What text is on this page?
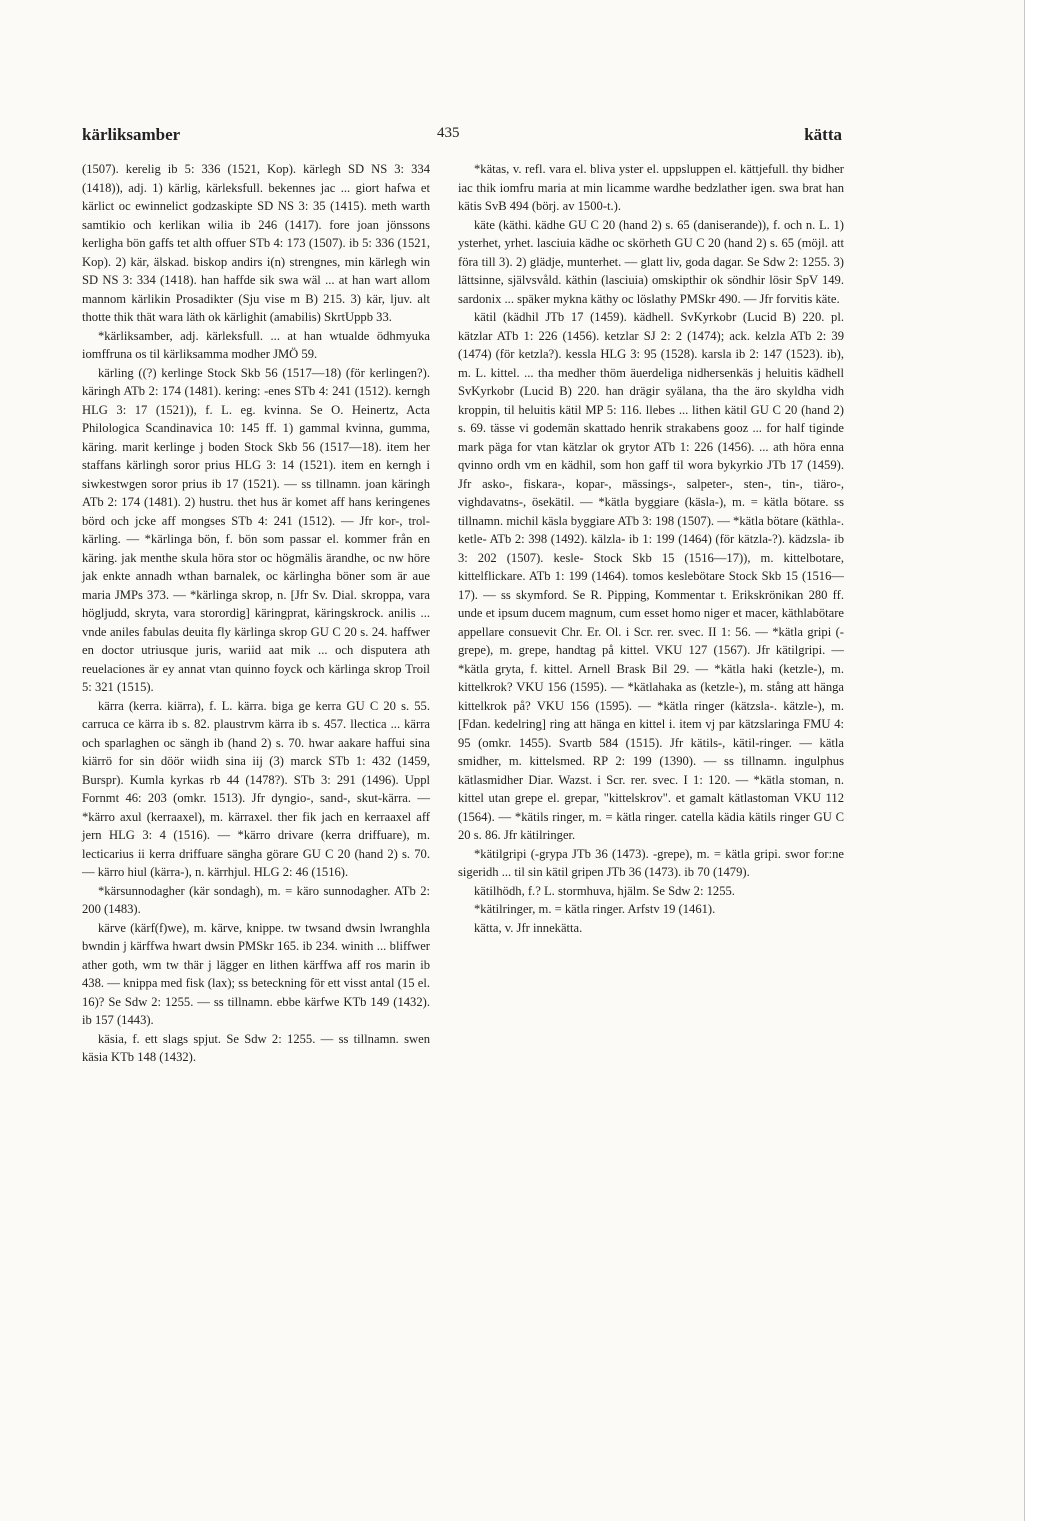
kärliksamber	435	kätta

(1507). kerelig ib 5: 336 (1521, Kop). kärlegh SD NS 3: 334 (1418)), adj. 1) kärlig, kärleksfull. bekennes jac ... giort hafwa et kärlict oc ewinnelict godzaskipte SD NS 3: 35 (1415). meth warth samtikio och kerlikan wilia ib 246 (1417). fore joan jönssons kerligha bön gaffs tet alth offuer STb 4: 173 (1507). ib 5: 336 (1521, Kop). 2) kär, älskad. biskop andirs i(n) strengnes, min kärlegh win SD NS 3: 334 (1418). han haffde sik swa wäl ... at han wart allom mannom kärlikin Prosadikter (Sju vise m B) 215. 3) kär, ljuv. alt thotte thik thät wara läth ok kärlighit (amabilis) SkrtUppb 33.

*kärliksamber, adj. kärleksfull. ... at han wtualde ödhmyuka iomffruna os til kärliksamma modher JMÖ 59.

kärling ((?) kerlinge Stock Skb 56 (1517—18) (för kerlingen?). käringh ATb 2: 174 (1481). kering: -enes STb 4: 241 (1512). kerngh HLG 3: 17 (1521)), f. L. eg. kvinna. Se O. Heinertz, Acta Philologica Scandinavica 10: 145 ff. 1) gammal kvinna, gumma, käring. marit kerlinge j boden Stock Skb 56 (1517—18). item her staffans kärlingh soror prius HLG 3: 14 (1521). item en kerngh i siwkestwgen soror prius ib 17 (1521). — ss tillnamn. joan käringh ATb 2: 174 (1481). 2) hustru. thet hus är komet aff hans keringenes börd och jcke aff mongses STb 4: 241 (1512). — Jfr kor-, trol-kärling. — *kärlinga bön, f. bön som passar el. kommer från en käring. jak menthe skula höra stor oc högmälis ärandhe, oc nw höre jak enkte annadh wthan barnalek, oc kärlingha böner som är aue maria JMPs 373. — *kärlinga skrop, n. [Jfr Sv. Dial. skroppa, vara högljudd, skryta, vara storordig] käringprat, käringskrock. anilis ... vnde aniles fabulas deuita fly kärlinga skrop GU C 20 s. 24. haffwer en doctor utriusque juris, wariid aat mik ... och disputera ath reuelaciones är ey annat vtan quinno foyck och kärlinga skrop Troil 5: 321 (1515).

kärra (kerra. kiärra), f. L. kärra. biga ge kerra GU C 20 s. 55. carruca ce kärra ib s. 82. plaustrvm kärra ib s. 457. llectica ... kärra och sparlaghen oc sängh ib (hand 2) s. 70. hwar aakare haffui sina kiärrö for sin döör wiidh sina iij (3) marck STb 1: 432 (1459, Burspr). Kumla kyrkas rb 44 (1478?). STb 3: 291 (1496). Uppl Fornmt 46: 203 (omkr. 1513). Jfr dyngio-, sand-, skut-kärra. — *kärro axul (kerraaxel), m. kärraxel. ther fik jach en kerraaxel aff jern HLG 3: 4 (1516). — *kärro drivare (kerra driffuare), m. lecticarius ii kerra driffuare sängha görare GU C 20 (hand 2) s. 70. — kärro hiul (kärra-), n. kärrhjul. HLG 2: 46 (1516).

*kärsunnodagher (kär sondagh), m. = käro sunnodagher. ATb 2: 200 (1483).

kärve (kärf(f)we), m. kärve, knippe. tw twsand dwsin lwranghla bwndin j kärffwa hwart dwsin PMSkr 165. ib 234. winith ... bliffwer ather goth, wm tw thär j lägger en lithen kärffwa aff ros marin ib 438. — knippa med fisk (lax); ss beteckning för ett visst antal (15 el. 16)? Se Sdw 2: 1255. — ss tillnamn. ebbe kärfwe KTb 149 (1432). ib 157 (1443).

käsia, f. ett slags spjut. Se Sdw 2: 1255. — ss tillnamn. swen käsia KTb 148 (1432).

*kätas, v. refl. vara el. bliva yster el. uppsluppen el. kättjefull. thy bidher iac thik iomfru maria at min licamme wardhe bedzlather igen. swa brat han kätis SvB 494 (börj. av 1500-t.).

käte (käthi. kädhe GU C 20 (hand 2) s. 65 (daniserande)), f. och n. L. 1) ysterhet, yrhet. lasciuia kädhe oc skörheth GU C 20 (hand 2) s. 65 (möjl. att föra till 3). 2) glädje, munterhet. — glatt liv, goda dagar. Se Sdw 2: 1255. 3) lättsinne, självsvåld. käthin (lasciuia) omskipthir ok söndhir lösir SpV 149. sardonix ... späker mykna käthy oc löslathy PMSkr 490. — Jfr forvitis käte.

kätil (kädhil JTb 17 (1459). kädhell. SvKyrkobr (Lucid B) 220. pl. kätzlar ATb 1: 226 (1456). ketzlar SJ 2: 2 (1474); ack. kelzla ATb 2: 39 (1474) (för ketzla?). kessla HLG 3: 95 (1528). karsla ib 2: 147 (1523). ib), m. L. kittel. ... tha medher thöm äuerdeliga nidhersenkäs j heluitis kädhell SvKyrkobr (Lucid B) 220. han drägir syälana, tha the äro skyldha vidh kroppin, til heluitis kätil MP 5: 116. llebes ... lithen kätil GU C 20 (hand 2) s. 69. tässe vi godemän skattado henrik strakabens gooz ... for half tiginde mark päga for vtan kätzlar ok grytor ATb 1: 226 (1456). ... ath höra enna qvinno ordh vm en kädhil, som hon gaff til wora bykyrkio JTb 17 (1459). Jfr asko-, fiskara-, kopar-, mässings-, salpeter-, sten-, tin-, tiäro-, vighdavatns-, ösekätil. — *kätla byggiare (käsla-), m. = kätla bötare. ss tillnamn. michil käsla byggiare ATb 3: 198 (1507). — *kätla bötare (käthla-. ketle- ATb 2: 398 (1492). kälzla- ib 1: 199 (1464) (för kätzla-?). kädzsla- ib 3: 202 (1507). kesle- Stock Skb 15 (1516—17)), m. kittelbotare, kittelflickare. ATb 1: 199 (1464). tomos keslebötare Stock Skb 15 (1516—17). — ss skymford. Se R. Pipping, Kommentar t. Erikskrönikan 280 ff. unde et ipsum ducem magnum, cum esset homo niger et macer, käthlabötare appellare consuevit Chr. Er. Ol. i Scr. rer. svec. II 1: 56. — *kätla gripi (-grepe), m. grepe, handtag på kittel. VKU 127 (1567). Jfr kätilgripi. — *kätla gryta, f. kittel. Arnell Brask Bil 29. — *kätla haki (ketzle-), m. kittelkrok? VKU 156 (1595). — *kätlahaka as (ketzle-), m. stång att hänga kittelkrok på? VKU 156 (1595). — *kätla ringer (kätzsla-. kätzle-), m. [Fdan. kedelring] ring att hänga en kittel i. item vj par kätzslaringa FMU 4: 95 (omkr. 1455). Svartb 584 (1515). Jfr kätils-, kätil-ringer. — kätla smidher, m. kittelsmed. RP 2: 199 (1390). — ss tillnamn. ingulphus kätlasmidher Diar. Wazst. i Scr. rer. svec. I 1: 120. — *kätla stoman, n. kittel utan grepe el. grepar, "kittelskrov". et gamalt kätlastoman VKU 112 (1564). — *kätils ringer, m. = kätla ringer. catella kädia kätils ringer GU C 20 s. 86. Jfr kätilringer.

*kätilgripi (-grypa JTb 36 (1473). -grepe), m. = kätla gripi. swor for:ne sigeridh ... til sin kätil gripen JTb 36 (1473). ib 70 (1479).

kätilhödh, f.? L. stormhuva, hjälm. Se Sdw 2: 1255.

*kätilringer, m. = kätla ringer. Arfstv 19 (1461).

kätta, v. Jfr innekätta.
